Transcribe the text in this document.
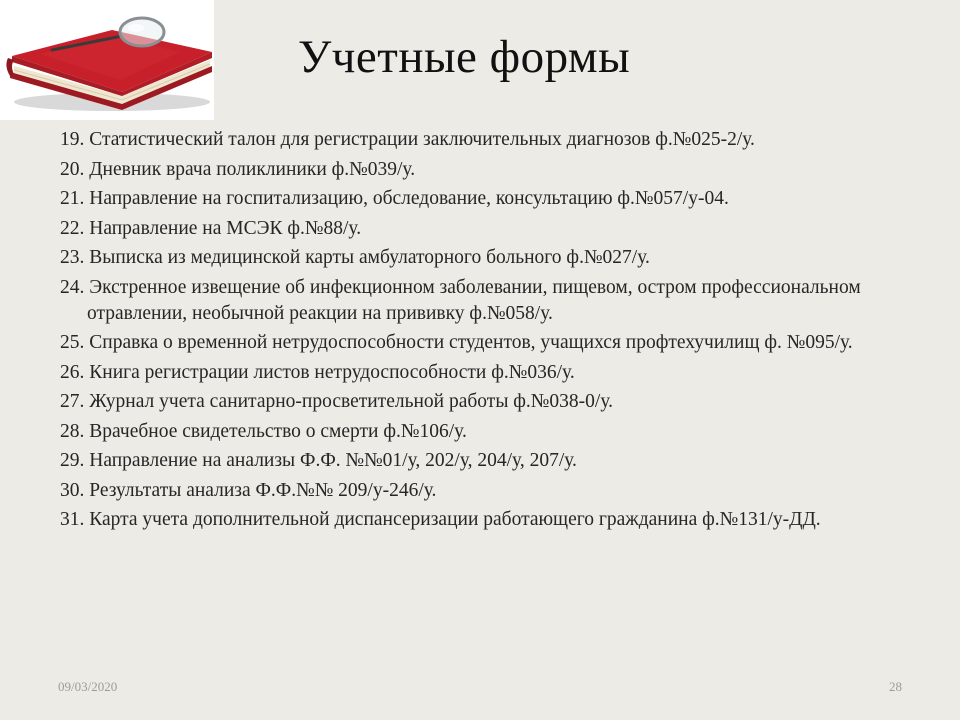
Учетные формы
19. Статистический талон для регистрации заключительных диагнозов ф.№025-2/у.
20. Дневник врача поликлиники ф.№039/у.
21. Направление на госпитализацию, обследование, консультацию ф.№057/у-04.
22. Направление на МСЭК ф.№88/у.
23. Выписка из медицинской карты амбулаторного больного ф.№027/у.
24. Экстренное извещение об инфекционном заболевании, пищевом, остром профессиональном отравлении, необычной реакции на прививку ф.№058/у.
25. Справка о временной нетрудоспособности студентов, учащихся профтехучилищ ф. №095/у.
26. Книга регистрации листов нетрудоспособности ф.№036/у.
27. Журнал учета санитарно-просветительной работы ф.№038-0/у.
28. Врачебное свидетельство о смерти ф.№106/у.
29. Направление на анализы Ф.Ф. №№01/у, 202/у, 204/у, 207/у.
30. Результаты анализа Ф.Ф.№№ 209/у-246/у.
31. Карта учета дополнительной диспансеризации работающего гражданина ф.№131/у-ДД.
09/03/2020	28
